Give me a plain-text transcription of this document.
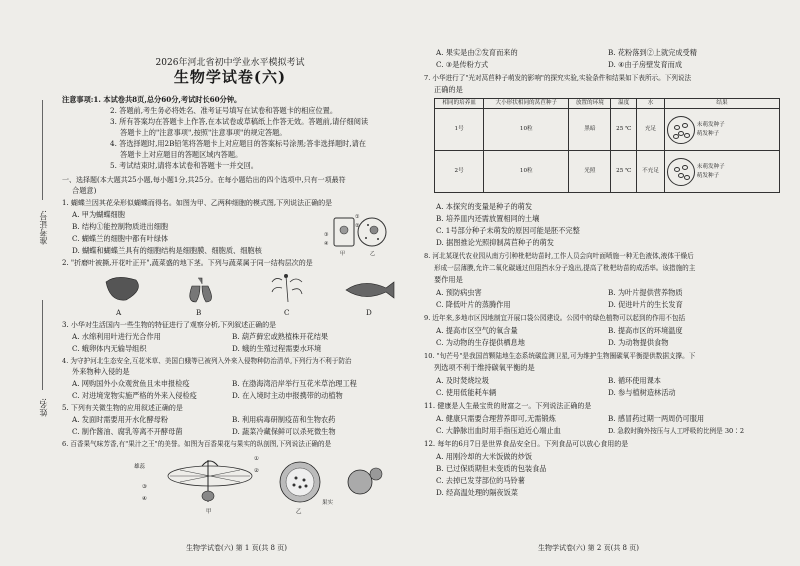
准考证号:
姓名:
2026年河北省初中学业水平模拟考试
生物学试卷(六)
注意事项:1. 本试卷共8页,总分60分,考试时长60分钟。
2. 答题前,考生务必将姓名、准考证号填写在试卷和答题卡的相应位置。
3. 所有答案均在答题卡上作答,在本试卷或草稿纸上作答无效。答题前,请仔细阅读
答题卡上的"注意事项",按照"注意事项"的规定答题。
4. 答选择题时,用2B铅笔将答题卡上对应题目的答案标号涂黑;答非选择题时,请在
答题卡上对应题目的答题区域内答题。
5. 考试结束时,请将本试卷和答题卡一并交回。
一、选择题(本大题共25小题,每小题1分,共25分。在每小题给出的四个选项中,只有一项最符
合题意)
1. 蝴蝶兰因其花朵形似蝴蝶而得名。如图为甲、乙两种细胞的模式图,下列说法正确的是
A. 甲为蝴蝶细胞
B. 结构①能控制物质进出细胞
C. 蝴蝶兰的细胞中都有叶绿体
D. 蝴蝶和蝴蝶兰具有的细胞结构是细胞膜、细胞质、细胞核
①
②
③
④
甲	乙
2. "折磨叶被撕,开花叶正开",蔬菜盛的地下茎。下列与蔬菜属于同一结构层次的是
A	B	C	D
3. 小华对生活国内一些生物的特征进行了观察分析,下列叙述正确的是
A. 水绵利用叶进行光合作用	B. 葫芦藓宏或熟植株开花结果
C. 蛾卵体内无输导组织	D. 蛾的生殖过程需要水环境
4. 为守护河北生态安全,互花米草、美国白蛾等已被列入外来入侵物种防治清单,下列行为不利于防治
外来物种入侵的是
A. 网购国外小众观赏鱼且未申报检疫	B. 在渤海湾沿岸举行互花米草治理工程
C. 对进境宠物实施严格的外来入侵检疫	D. 在入境时主动申报携带的动植物
5. 下列有关微生物的应用叙述正确的是
A. 发面时需要用开水化酵母粉	B. 利用病毒研制疫苗和生物农药
C. 制作酱油、腐乳等离不开酵母菌	D. 蔬菜冷藏保鲜可以杀死微生物
6. 百香果气味芳香,有"果汁之王"的美誉。如图为百香果花与果实的纵剖图,下列说法正确的是
雄蕊
①
②
③
④
果实
甲	乙
生物学试卷(六) 第 1 页(共 8 页)
A. 果实是由②发育而来的	B. 花粉落到②上就完成受精
C. ③是传粉方式	D. ④由子房壁发育而成
7. 小华进行了"光对莴苣种子萌发的影响"的探究实验,实验条件和结果如下表所示。下列说法
正确的是
相同的培养皿	大小形状相同的莴苣种子	放置的环境	温度	水	结果
1号	10粒	黑暗	25 ℃	充足	未萌发种子
萌发种子
2号	10粒	光照	25 ℃	不充足	未萌发种子
萌发种子
A. 本探究的变量是种子的萌发
B. 培养皿内还需放置相同的土壤
C. 1号部分种子未萌发的原因可能是胚不完整
D. 据图推论光照抑制莴苣种子的萌发
8. 河北某现代农业园从南方引种枇杷幼苗时,工作人员会向叶面喷施一种无色液体,液体干燥后
形成一层薄膜,允许二氧化碳通过但阻挡水分子逸出,提高了枇杷幼苗的成活率。该措施的主
要作用是
A. 预防病虫害	B. 为叶片提供营养物质
C. 降低叶片的蒸腾作用	D. 促进叶片的生长发育
9. 近年来,多地市区因地制宜开展口袋公园建设。公园中的绿色植物可以起到的作用不包括
A. 提高市区空气的氧含量	B. 提高市区的环境温度
C. 为动物的生存提供栖息地	D. 为动物提供食物
10. "旬芒号"是我国首颗陆地生态系统碳监测卫星,可为维护生物圈碳氧平衡提供数据支撑。下
列选项不利于维持碳氧平衡的是
A. 及时焚烧垃圾	B. 循环使用课本
C. 使用低能耗车辆	D. 参与植树造林活动
11. 健康是人生最宝贵的财富之一。下列说法正确的是
A. 健康只需要合理营养即可,无需锻炼	B. 感冒药过期一两周仍可服用
C. 大静脉出血时用手指压迫近心端止血	D. 急救时胸外按压与人工呼吸的比例是 30∶2
12. 每年的6月7日是世界食品安全日。下列食品可以放心食用的是
A. 用刚冷却的大米饭做的炒饭
B. 已过保质期但未变质的包装食品
C. 去掉已发芽部位的马铃薯
D. 经高温处理的隔夜饭菜
生物学试卷(六) 第 2 页(共 8 页)
